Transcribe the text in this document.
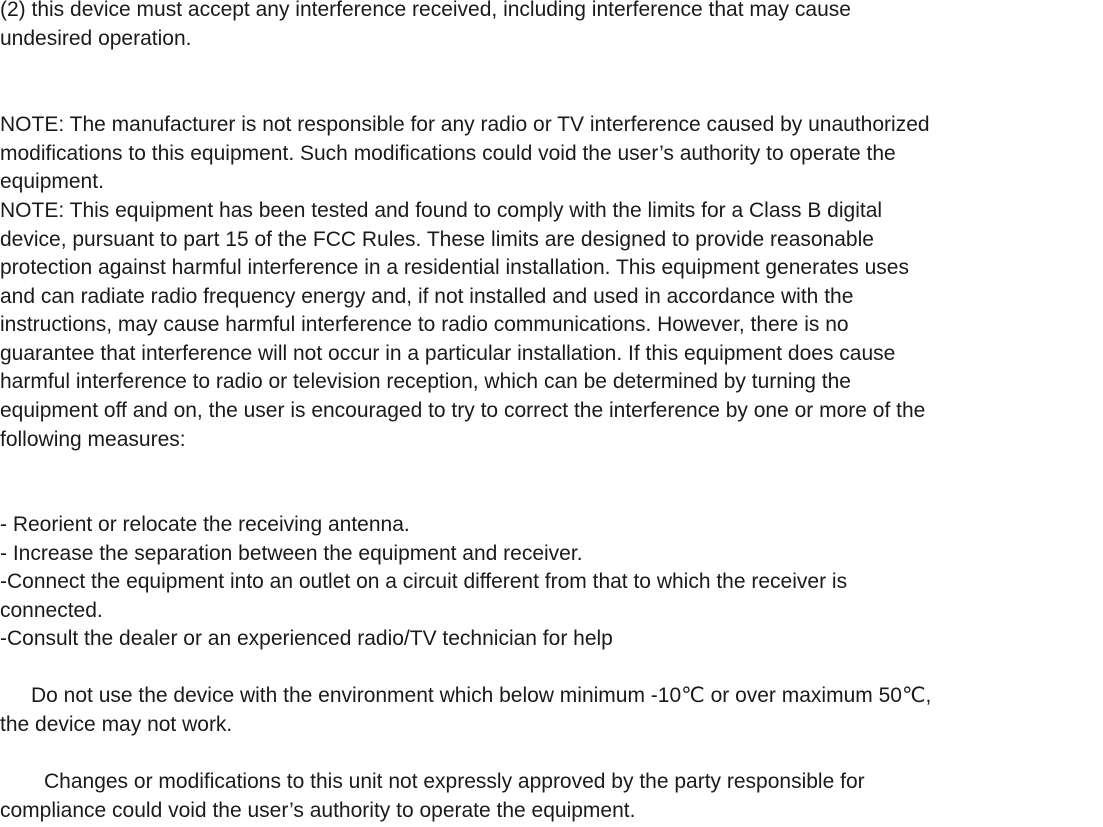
(2) this device must accept any interference received, including interference that may cause

undesired operation.

NOTE: The manufacturer is not responsible for any radio or TV interference caused by unauthorized

modifications to this equipment. Such modifications could void the user’s authority to operate the

equipment.

NOTE: This equipment has been tested and found to comply with the limits for a Class B digital

device, pursuant to part 15 of the FCC Rules. These limits are designed to provide reasonable

protection against harmful interference in a residential installation. This equipment generates uses

and can radiate radio frequency energy and, if not installed and used in accordance with the

instructions, may cause harmful interference to radio communications. However, there is no

guarantee that interference will not occur in a particular installation. If this equipment does cause

harmful interference to radio or television reception, which can be determined by turning the

equipment off and on, the user is encouraged to try to correct the interference by one or more of the

following measures:

- Reorient or relocate the receiving antenna.

- Increase the separation between the equipment and receiver.

-Connect the equipment into an outlet on a circuit different from that to which the receiver is

connected.

-Consult the dealer or an experienced radio/TV technician for help

Do not use the device with the environment which below minimum -10℃ or over maximum 50℃,

the device may not work.

Changes or modifications to this unit not expressly approved by the party responsible for

compliance could void the user’s authority to operate the equipment.
